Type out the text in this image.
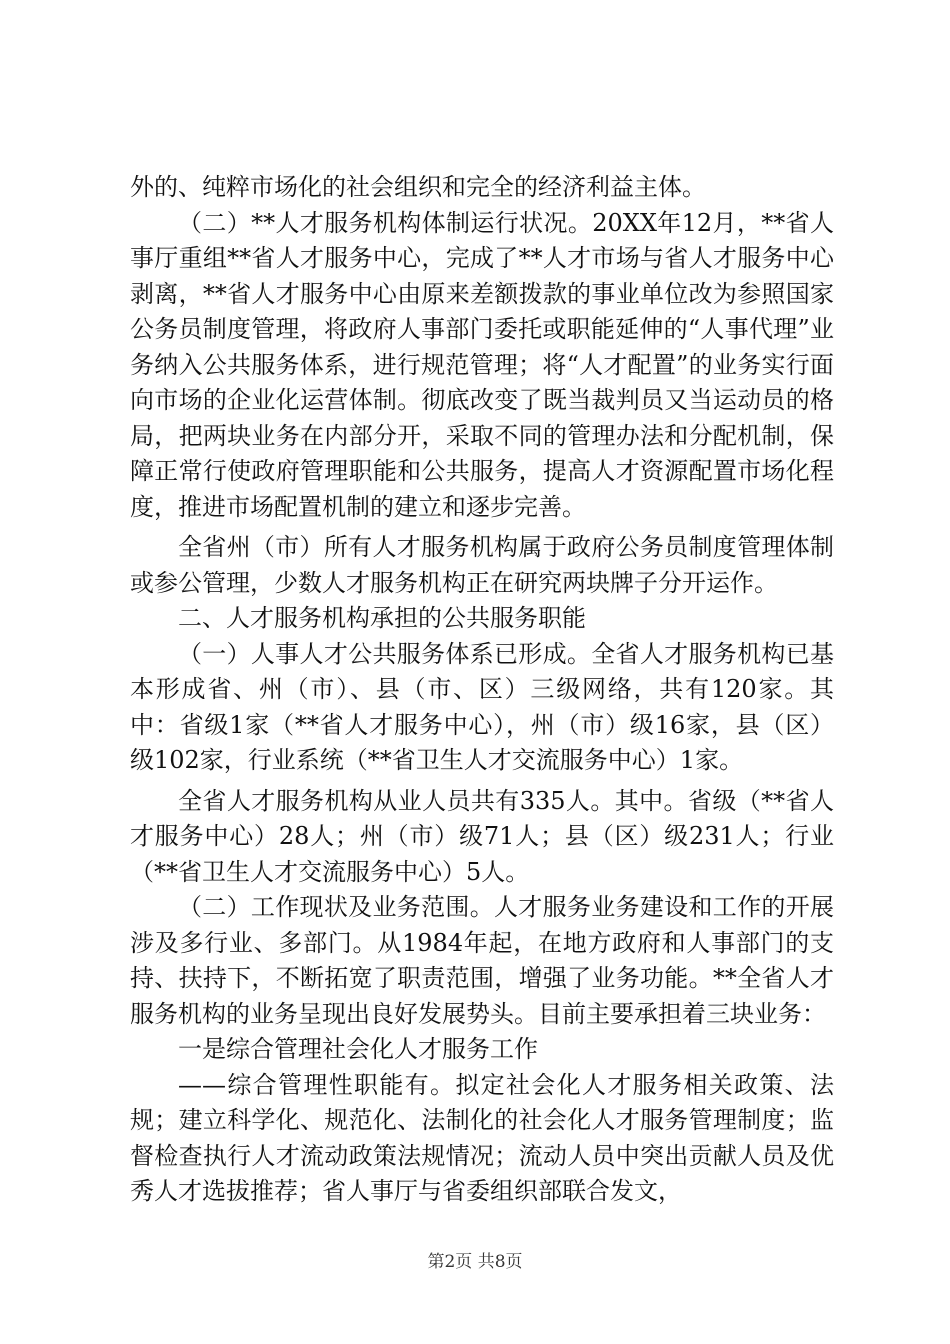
外的、纯粹市场化的社会组织和完全的经济利益主体。

（二）**人才服务机构体制运行状况。20XX年12月，**省人事厅重组**省人才服务中心，完成了**人才市场与省人才服务中心剥离，**省人才服务中心由原来差额拨款的事业单位改为参照国家公务员制度管理，将政府人事部门委托或职能延伸的“人事代理”业务纳入公共服务体系，进行规范管理；将“人才配置”的业务实行面向市场的企业化运营体制。彻底改变了既当裁判员又当运动员的格局，把两块业务在内部分开，采取不同的管理办法和分配机制，保障正常行使政府管理职能和公共服务，提高人才资源配置市场化程度，推进市场配置机制的建立和逐步完善。

全省州（市）所有人才服务机构属于政府公务员制度管理体制或参公管理，少数人才服务机构正在研究两块牌子分开运作。

二、人才服务机构承担的公共服务职能

（一）人事人才公共服务体系已形成。全省人才服务机构已基本形成省、州（市）、县（市、区）三级网络，共有120家。其中：省级1家（**省人才服务中心），州（市）级16家，县（区）级102家，行业系统（**省卫生人才交流服务中心）1家。

全省人才服务机构从业人员共有335人。其中。省级（**省人才服务中心）28人；州（市）级71人；县（区）级231人；行业（**省卫生人才交流服务中心）5人。

（二）工作现状及业务范围。人才服务业务建设和工作的开展涉及多行业、多部门。从1984年起，在地方政府和人事部门的支持、扶持下，不断拓宽了职责范围，增强了业务功能。**全省人才服务机构的业务呈现出良好发展势头。目前主要承担着三块业务：

一是综合管理社会化人才服务工作

——综合管理性职能有。拟定社会化人才服务相关政策、法规；建立科学化、规范化、法制化的社会化人才服务管理制度；监督检查执行人才流动政策法规情况；流动人员中突出贡献人员及优秀人才选拔推荐；省人事厅与省委组织部联合发文，

第2页 共8页
